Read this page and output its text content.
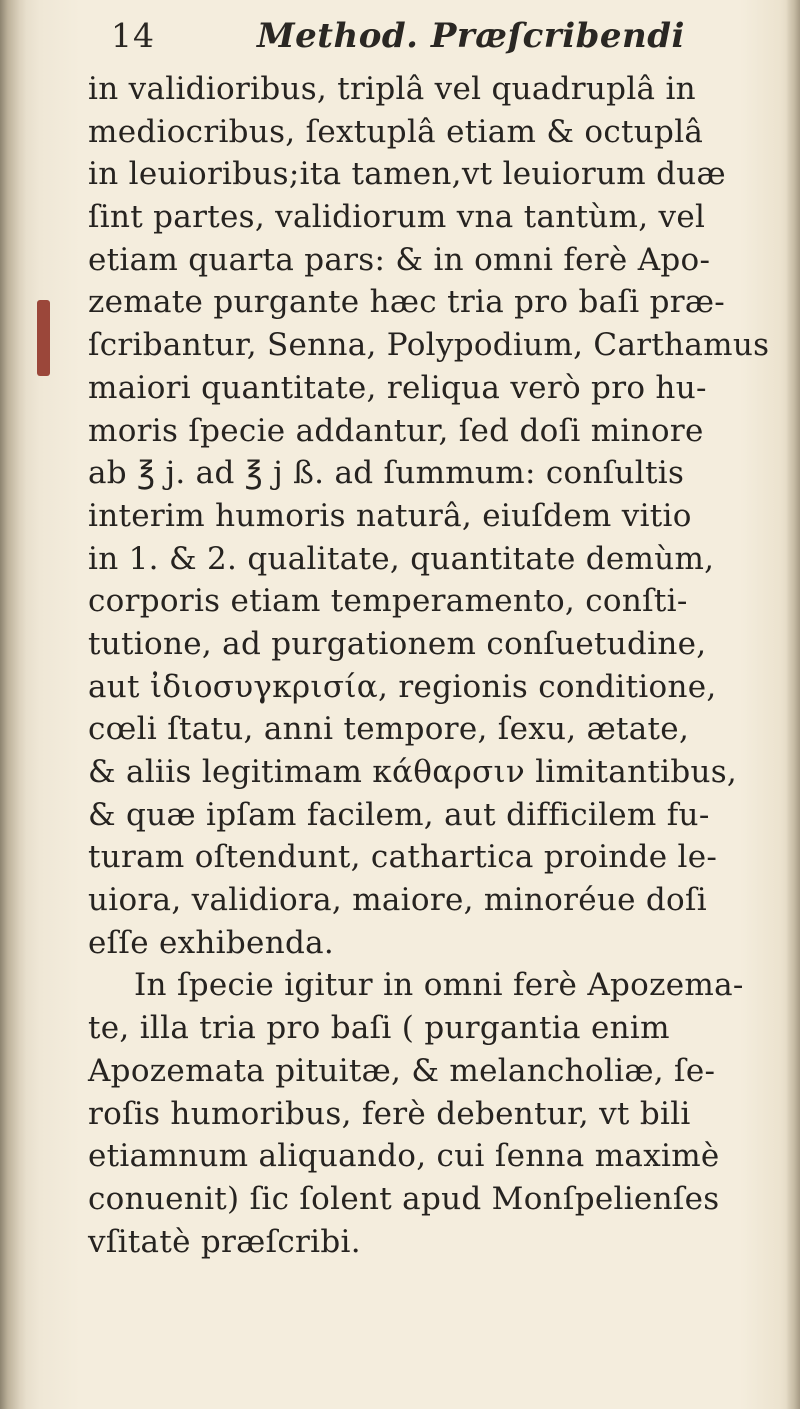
14	Method. Præſcribendi
in validioribus, triplâ vel quadruplâ in
mediocribus, ſextuplâ etiam & octuplâ
in leuioribus;ita tamen,vt leuiorum duæ
ſint partes, validiorum vna tantùm, vel
etiam quarta pars: & in omni ferè Apo-
zemate purgante hæc tria pro baſi præ-
ſcribantur, Senna, Polypodium, Carthamus
maiori quantitate, reliqua verò pro hu-
moris ſpecie addantur, ſed doſi minore
ab ℥ j. ad ℥ j ß. ad ſummum: conſultis
interim humoris naturâ, eiuſdem vitio
in 1. & 2. qualitate, quantitate demùm,
corporis etiam temperamento, conſti-
tutione, ad purgationem conſuetudine,
aut ἰδιοσυγκρισία, regionis conditione,
cœli ſtatu, anni tempore, ſexu, ætate,
& aliis legitimam κάθαρσιν limitantibus,
& quæ ipſam facilem, aut difficilem fu-
turam oſtendunt, cathartica proinde le-
uiora, validiora, maiore, minoréue doſi
eſſe exhibenda.
In ſpecie igitur in omni ferè Apozema-
te, illa tria pro baſi ( purgantia enim
Apozemata pituitæ, & melancholiæ, ſe-
roſis humoribus, ferè debentur, vt bili
etiamnum aliquando, cui ſenna maximè
conuenit) ſic ſolent apud Monſpelienſes
vſitatè præſcribi.
